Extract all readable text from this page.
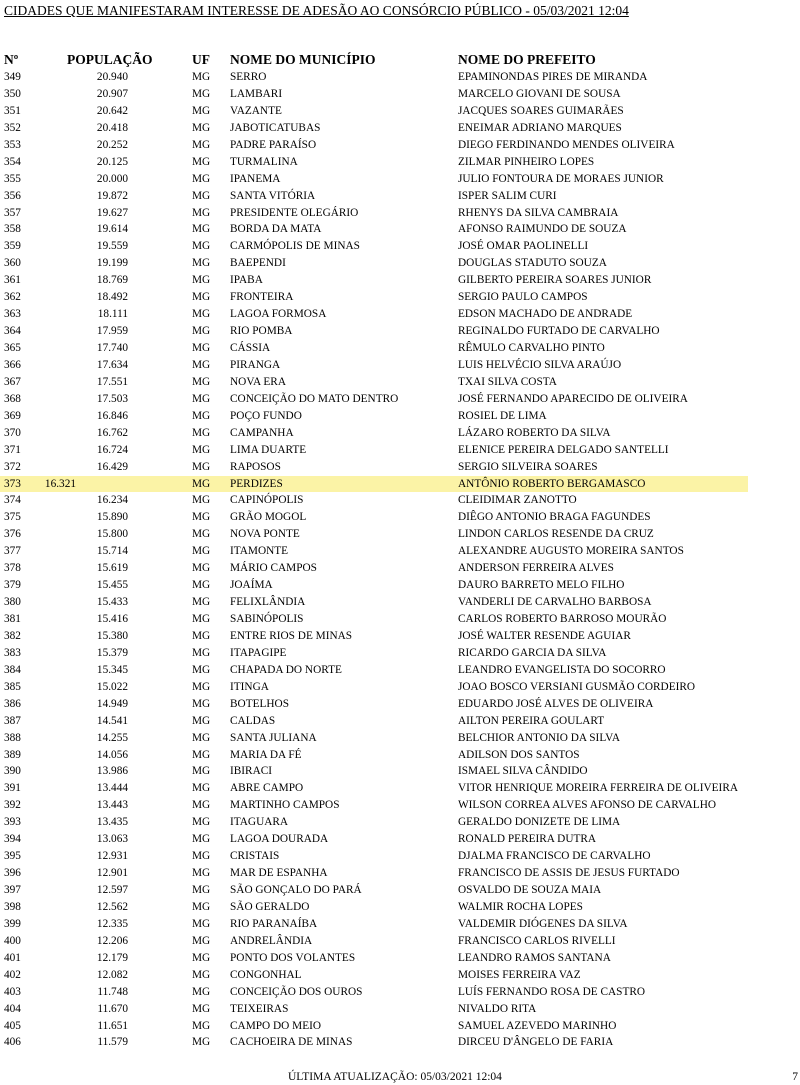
CIDADES QUE MANIFESTARAM INTERESSE DE ADESÃO AO CONSÓRCIO PÚBLICO - 05/03/2021 12:04
Nº	POPULAÇÃO	UF NOME DO MUNICÍPIO	NOME DO PREFEITO
349	20.940	MG SERRO	EPAMINONDAS PIRES DE MIRANDA
350	20.907	MG LAMBARI	MARCELO GIOVANI DE SOUSA
351	20.642	MG VAZANTE	JACQUES SOARES GUIMARÃES
352	20.418	MG JABOTICATUBAS	ENEIMAR ADRIANO MARQUES
353	20.252	MG PADRE PARAÍSO	DIEGO FERDINANDO MENDES OLIVEIRA
354	20.125	MG TURMALINA	ZILMAR PINHEIRO LOPES
355	20.000	MG IPANEMA	JULIO FONTOURA DE MORAES JUNIOR
356	19.872	MG SANTA VITÓRIA	ISPER SALIM CURI
357	19.627	MG PRESIDENTE OLEGÁRIO	RHENYS DA SILVA CAMBRAIA
358	19.614	MG BORDA DA MATA	AFONSO RAIMUNDO DE SOUZA
359	19.559	MG CARMÓPOLIS DE MINAS	JOSÉ OMAR PAOLINELLI
360	19.199	MG BAEPENDI	DOUGLAS STADUTO SOUZA
361	18.769	MG IPABA	GILBERTO PEREIRA SOARES JUNIOR
362	18.492	MG FRONTEIRA	SERGIO PAULO CAMPOS
363	18.111	MG LAGOA FORMOSA	EDSON MACHADO DE ANDRADE
364	17.959	MG RIO POMBA	REGINALDO FURTADO DE CARVALHO
365	17.740	MG CÁSSIA	RÊMULO CARVALHO PINTO
366	17.634	MG PIRANGA	LUIS HELVÉCIO SILVA ARAÚJO
367	17.551	MG NOVA ERA	TXAI SILVA COSTA
368	17.503	MG CONCEIÇÃO DO MATO DENTRO	JOSÉ FERNANDO APARECIDO DE OLIVEIRA
369	16.846	MG POÇO FUNDO	ROSIEL DE LIMA
370	16.762	MG CAMPANHA	LÁZARO ROBERTO DA SILVA
371	16.724	MG LIMA DUARTE	ELENICE PEREIRA DELGADO SANTELLI
372	16.429	MG RAPOSOS	SERGIO SILVEIRA SOARES
373 16.321	MG PERDIZES	ANTÔNIO ROBERTO BERGAMASCO
374	16.234	MG CAPINÓPOLIS	CLEIDIMAR ZANOTTO
375	15.890	MG GRÃO MOGOL	DIÊGO ANTONIO BRAGA FAGUNDES
376	15.800	MG NOVA PONTE	LINDON CARLOS RESENDE DA CRUZ
377	15.714	MG ITAMONTE	ALEXANDRE AUGUSTO MOREIRA SANTOS
378	15.619	MG MÁRIO CAMPOS	ANDERSON FERREIRA ALVES
379	15.455	MG JOAÍMA	DAURO BARRETO MELO FILHO
380	15.433	MG FELIXLÂNDIA	VANDERLI DE CARVALHO BARBOSA
381	15.416	MG SABINÓPOLIS	CARLOS ROBERTO BARROSO MOURÃO
382	15.380	MG ENTRE RIOS DE MINAS	JOSÉ WALTER RESENDE AGUIAR
383	15.379	MG ITAPAGIPE	RICARDO GARCIA DA SILVA
384	15.345	MG CHAPADA DO NORTE	LEANDRO EVANGELISTA DO SOCORRO
385	15.022	MG ITINGA	JOAO BOSCO VERSIANI GUSMÃO CORDEIRO
386	14.949	MG BOTELHOS	EDUARDO JOSÉ ALVES DE OLIVEIRA
387	14.541	MG CALDAS	AILTON PEREIRA GOULART
388	14.255	MG SANTA JULIANA	BELCHIOR ANTONIO DA SILVA
389	14.056	MG MARIA DA FÉ	ADILSON DOS SANTOS
390	13.986	MG IBIRACI	ISMAEL SILVA CÂNDIDO
391	13.444	MG ABRE CAMPO	VITOR HENRIQUE MOREIRA FERREIRA DE OLIVEIRA
392	13.443	MG MARTINHO CAMPOS	WILSON CORREA ALVES AFONSO DE CARVALHO
393	13.435	MG ITAGUARA	GERALDO DONIZETE DE LIMA
394	13.063	MG LAGOA DOURADA	RONALD PEREIRA DUTRA
395	12.931	MG CRISTAIS	DJALMA FRANCISCO DE CARVALHO
396	12.901	MG MAR DE ESPANHA	FRANCISCO DE ASSIS DE JESUS FURTADO
397	12.597	MG SÃO GONÇALO DO PARÁ	OSVALDO DE SOUZA MAIA
398	12.562	MG SÃO GERALDO	WALMIR ROCHA LOPES
399	12.335	MG RIO PARANAÍBA	VALDEMIR DIÓGENES DA SILVA
400	12.206	MG ANDRELÂNDIA	FRANCISCO CARLOS RIVELLI
401	12.179	MG PONTO DOS VOLANTES	LEANDRO RAMOS SANTANA
402	12.082	MG CONGONHAL	MOISES FERREIRA VAZ
403	11.748	MG CONCEIÇÃO DOS OUROS	LUÍS FERNANDO ROSA DE CASTRO
404	11.670	MG TEIXEIRAS	NIVALDO RITA
405	11.651	MG CAMPO DO MEIO	SAMUEL AZEVEDO MARINHO
406	11.579	MG CACHOEIRA DE MINAS	DIRCEU D'ÂNGELO DE FARIA
ÚLTIMA ATUALIZAÇÃO: 05/03/2021 12:04	7
